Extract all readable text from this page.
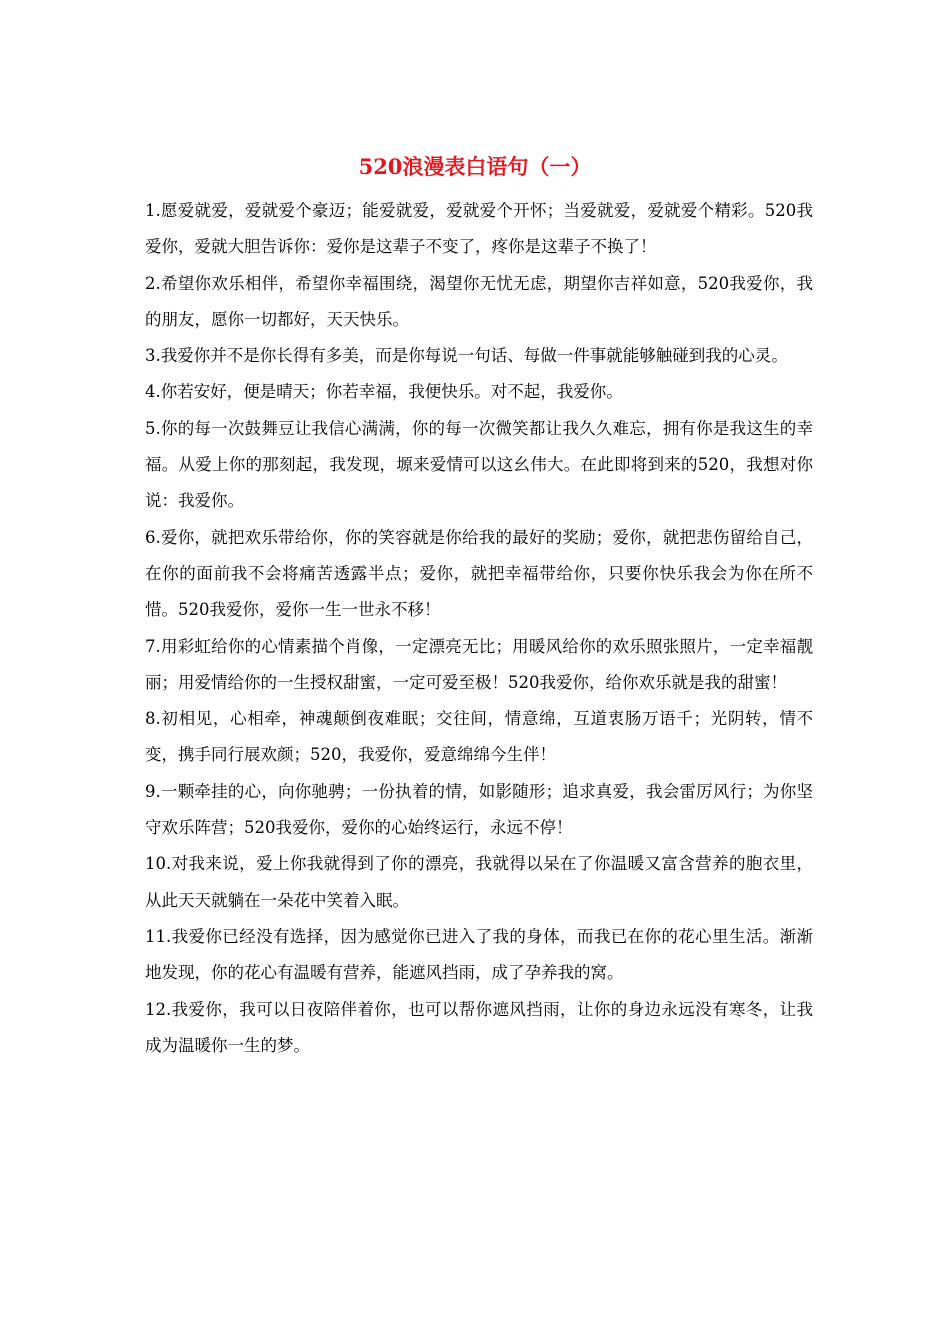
520浪漫表白语句（一）

1.愿爱就爱，爱就爱个豪迈；能爱就爱，爱就爱个开怀；当爱就爱，爱就爱个精彩。520我爱你，爱就大胆告诉你：爱你是这辈子不变了，疼你是这辈子不换了！

2.希望你欢乐相伴，希望你幸福围绕，渴望你无忧无虑，期望你吉祥如意，520我爱你，我的朋友，愿你一切都好，天天快乐。

3.我爱你并不是你长得有多美，而是你每说一句话、每做一件事就能够触碰到我的心灵。

4.你若安好，便是晴天；你若幸福，我便快乐。对不起，我爱你。

5.你的每一次鼓舞豆让我信心满满，你的每一次微笑都让我久久难忘，拥有你是我这生的幸福。从爱上你的那刻起，我发现，塬来爱情可以这幺伟大。在此即将到来的520，我想对你说：我爱你。

6.爱你，就把欢乐带给你，你的笑容就是你给我的最好的奖励；爱你，就把悲伤留给自己，在你的面前我不会将痛苦透露半点；爱你，就把幸福带给你，只要你快乐我会为你在所不惜。520我爱你，爱你一生一世永不移！

7.用彩虹给你的心情素描个肖像，一定漂亮无比；用暖风给你的欢乐照张照片，一定幸福靓丽；用爱情给你的一生授权甜蜜，一定可爱至极！520我爱你，给你欢乐就是我的甜蜜！

8.初相见，心相牵，神魂颠倒夜难眠；交往间，情意绵，互道衷肠万语千；光阴转，情不变，携手同行展欢颜；520，我爱你，爱意绵绵今生伴！

9.一颗牵挂的心，向你驰骋；一份执着的情，如影随形；追求真爱，我会雷厉风行；为你坚守欢乐阵营；520我爱你，爱你的心始终运行，永远不停！

10.对我来说，爱上你我就得到了你的漂亮，我就得以呆在了你温暖又富含营养的胞衣里，从此天天就躺在一朵花中笑着入眠。

11.我爱你已经没有选择，因为感觉你已进入了我的身体，而我已在你的花心里生活。渐渐地发现，你的花心有温暖有营养，能遮风挡雨，成了孕养我的窝。

12.我爱你，我可以日夜陪伴着你，也可以帮你遮风挡雨，让你的身边永远没有寒冬，让我成为温暖你一生的梦。
